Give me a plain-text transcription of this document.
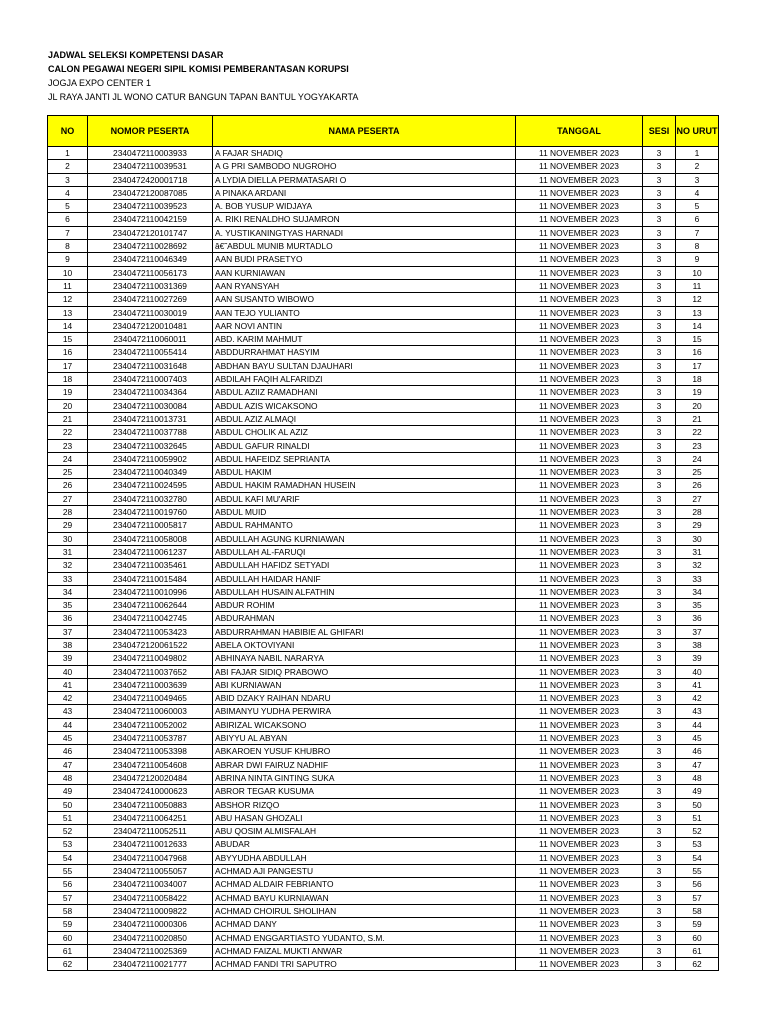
JADWAL SELEKSI KOMPETENSI DASAR
CALON PEGAWAI NEGERI SIPIL KOMISI PEMBERANTASAN KORUPSI
JOGJA EXPO CENTER 1
JL RAYA JANTI JL WONO CATUR BANGUN TAPAN BANTUL YOGYAKARTA
NO	NOMOR PESERTA	NAMA PESERTA	TANGGAL	SESI	NO URUT
1	2340472110003933	A FAJAR SHADIQ	11 NOVEMBER 2023	3	1
2	2340472110039531	A G PRI SAMBODO NUGROHO	11 NOVEMBER 2023	3	2
3	2340472420001718	A LYDIA DIELLA PERMATASARI O	11 NOVEMBER 2023	3	3
4	2340472120087085	A PINAKA ARDANI	11 NOVEMBER 2023	3	4
5	2340472110039523	A. BOB YUSUP WIDJAYA	11 NOVEMBER 2023	3	5
6	2340472110042159	A. RIKI RENALDHO SUJAMRON	11 NOVEMBER 2023	3	6
7	2340472120101747	A. YUSTIKANINGTYAS HARNADI	11 NOVEMBER 2023	3	7
8	2340472110028692	â€˜ABDUL MUNIB MURTADLO	11 NOVEMBER 2023	3	8
9	2340472110046349	AAN BUDI PRASETYO	11 NOVEMBER 2023	3	9
10	2340472110056173	AAN KURNIAWAN	11 NOVEMBER 2023	3	10
11	2340472110031369	AAN RYANSYAH	11 NOVEMBER 2023	3	11
12	2340472110027269	AAN SUSANTO WIBOWO	11 NOVEMBER 2023	3	12
13	2340472110030019	AAN TEJO YULIANTO	11 NOVEMBER 2023	3	13
14	2340472120010481	AAR NOVI ANTIN	11 NOVEMBER 2023	3	14
15	2340472110060011	ABD. KARIM MAHMUT	11 NOVEMBER 2023	3	15
16	2340472110055414	ABDDURRAHMAT HASYIM	11 NOVEMBER 2023	3	16
17	2340472110031648	ABDHAN BAYU SULTAN DJAUHARI	11 NOVEMBER 2023	3	17
18	2340472110007403	ABDILAH FAQIH ALFARIDZI	11 NOVEMBER 2023	3	18
19	2340472110034364	ABDUL AZIIZ RAMADHANI	11 NOVEMBER 2023	3	19
20	2340472110030084	ABDUL AZIS WICAKSONO	11 NOVEMBER 2023	3	20
21	2340472110013731	ABDUL AZIZ ALMAQI	11 NOVEMBER 2023	3	21
22	2340472110037788	ABDUL CHOLIK AL AZIZ	11 NOVEMBER 2023	3	22
23	2340472110032645	ABDUL GAFUR RINALDI	11 NOVEMBER 2023	3	23
24	2340472110059902	ABDUL HAFEIDZ SEPRIANTA	11 NOVEMBER 2023	3	24
25	2340472110040349	ABDUL HAKIM	11 NOVEMBER 2023	3	25
26	2340472110024595	ABDUL HAKIM RAMADHAN HUSEIN	11 NOVEMBER 2023	3	26
27	2340472110032780	ABDUL KAFI MU'ARIF	11 NOVEMBER 2023	3	27
28	2340472110019760	ABDUL MUID	11 NOVEMBER 2023	3	28
29	2340472110005817	ABDUL RAHMANTO	11 NOVEMBER 2023	3	29
30	2340472110058008	ABDULLAH AGUNG KURNIAWAN	11 NOVEMBER 2023	3	30
31	2340472110061237	ABDULLAH AL-FARUQI	11 NOVEMBER 2023	3	31
32	2340472110035461	ABDULLAH HAFIDZ SETYADI	11 NOVEMBER 2023	3	32
33	2340472110015484	ABDULLAH HAIDAR HANIF	11 NOVEMBER 2023	3	33
34	2340472110010996	ABDULLAH HUSAIN ALFATHIN	11 NOVEMBER 2023	3	34
35	2340472110062644	ABDUR ROHIM	11 NOVEMBER 2023	3	35
36	2340472110042745	ABDURAHMAN	11 NOVEMBER 2023	3	36
37	2340472110053423	ABDURRAHMAN HABIBIE AL GHIFARI	11 NOVEMBER 2023	3	37
38	2340472120061522	ABELA OKTOVIYANI	11 NOVEMBER 2023	3	38
39	2340472110049802	ABHINAYA NABIL NARARYA	11 NOVEMBER 2023	3	39
40	2340472110037652	ABI FAJAR SIDIQ PRABOWO	11 NOVEMBER 2023	3	40
41	2340472110003639	ABI KURNIAWAN	11 NOVEMBER 2023	3	41
42	2340472110049465	ABID DZAKY RAIHAN NDARU	11 NOVEMBER 2023	3	42
43	2340472110060003	ABIMANYU YUDHA PERWIRA	11 NOVEMBER 2023	3	43
44	2340472110052002	ABIRIZAL WICAKSONO	11 NOVEMBER 2023	3	44
45	2340472110053787	ABIYYU AL ABYAN	11 NOVEMBER 2023	3	45
46	2340472110053398	ABKAROEN YUSUF KHUBRO	11 NOVEMBER 2023	3	46
47	2340472110054608	ABRAR DWI FAIRUZ NADHIF	11 NOVEMBER 2023	3	47
48	2340472120020484	ABRINA NINTA GINTING SUKA	11 NOVEMBER 2023	3	48
49	2340472410000623	ABROR TEGAR KUSUMA	11 NOVEMBER 2023	3	49
50	2340472110050883	ABSHOR RIZQO	11 NOVEMBER 2023	3	50
51	2340472110064251	ABU HASAN GHOZALI	11 NOVEMBER 2023	3	51
52	2340472110052511	ABU QOSIM ALMISFALAH	11 NOVEMBER 2023	3	52
53	2340472110012633	ABUDAR	11 NOVEMBER 2023	3	53
54	2340472110047968	ABYYUDHA ABDULLAH	11 NOVEMBER 2023	3	54
55	2340472110055057	ACHMAD AJI PANGESTU	11 NOVEMBER 2023	3	55
56	2340472110034007	ACHMAD ALDAIR FEBRIANTO	11 NOVEMBER 2023	3	56
57	2340472110058422	ACHMAD BAYU KURNIAWAN	11 NOVEMBER 2023	3	57
58	2340472110009822	ACHMAD CHOIRUL SHOLIHAN	11 NOVEMBER 2023	3	58
59	2340472110000306	ACHMAD DANY	11 NOVEMBER 2023	3	59
60	2340472110020850	ACHMAD ENGGARTIASTO YUDANTO, S.M.	11 NOVEMBER 2023	3	60
61	2340472110025369	ACHMAD FAIZAL MUKTI ANWAR	11 NOVEMBER 2023	3	61
62	2340472110021777	ACHMAD FANDI TRI SAPUTRO	11 NOVEMBER 2023	3	62
